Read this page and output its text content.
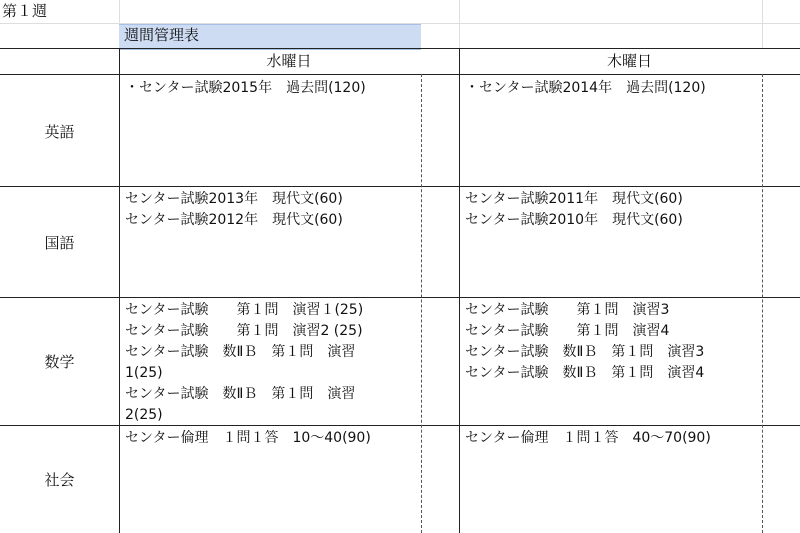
第１週
週間管理表
水曜日	木曜日
英語
国語
数学
社会
・センター試験2015年　過去問(120)
センター試験2013年　現代文(60)
センター試験2012年　現代文(60)
センター試験　　第１問　演習１(25)
センター試験　　第１問　演習2 (25)
センター試験　数ⅡＢ　第１問　演習
1(25)
センター試験　数ⅡＢ　第１問　演習
2(25)
センター倫理　１問１答　10〜40(90)
・センター試験2014年　過去問(120)
センター試験2011年　現代文(60)
センター試験2010年　現代文(60)
センター試験　　第１問　演習3
センター試験　　第１問　演習4
センター試験　数ⅡＢ　第１問　演習3
センター試験　数ⅡＢ　第１問　演習4
センター倫理　１問１答　40〜70(90)
